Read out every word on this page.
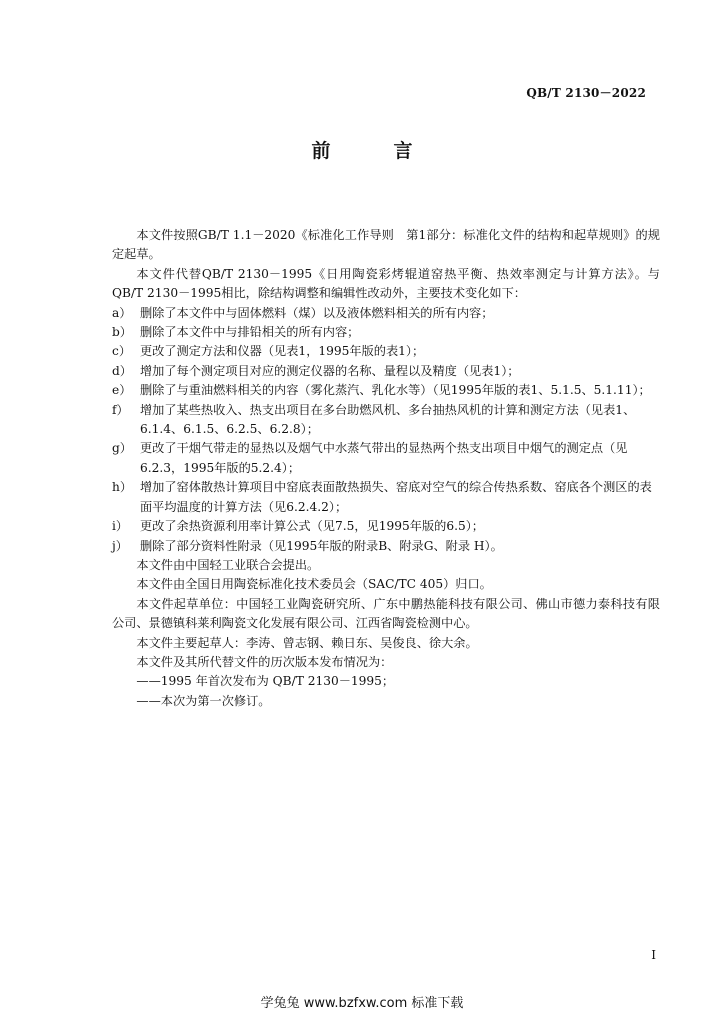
QB/T 2130－2022
前　言

本文件按照GB/T 1.1－2020《标准化工作导则　第1部分：标准化文件的结构和起草规则》的规定起草。

本文件代替QB/T 2130－1995《日用陶瓷彩烤辊道窑热平衡、热效率测定与计算方法》。与QB/T 2130－1995相比，除结构调整和编辑性改动外，主要技术变化如下：

a） 删除了本文件中与固体燃料（煤）以及液体燃料相关的所有内容；

b） 删除了本文件中与排铅相关的所有内容；

c） 更改了测定方法和仪器（见表1，1995年版的表1）；

d） 增加了每个测定项目对应的测定仪器的名称、量程以及精度（见表1）；

e） 删除了与重油燃料相关的内容（雾化蒸汽、乳化水等）（见1995年版的表1、5.1.5、5.1.11）；

f） 增加了某些热收入、热支出项目在多台助燃风机、多台抽热风机的计算和测定方法（见表1、6.1.4、6.1.5、6.2.5、6.2.8）；

g） 更改了干烟气带走的显热以及烟气中水蒸气带出的显热两个热支出项目中烟气的测定点（见6.2.3，1995年版的5.2.4）；

h） 增加了窑体散热计算项目中窑底表面散热损失、窑底对空气的综合传热系数、窑底各个测区的表面平均温度的计算方法（见6.2.4.2）；

i） 更改了余热资源利用率计算公式（见7.5，见1995年版的6.5）；

j） 删除了部分资料性附录（见1995年版的附录B、附录G、附录 H）。

本文件由中国轻工业联合会提出。

本文件由全国日用陶瓷标准化技术委员会（SAC/TC 405）归口。

本文件起草单位：中国轻工业陶瓷研究所、广东中鹏热能科技有限公司、佛山市德力泰科技有限公司、景德镇科莱利陶瓷文化发展有限公司、江西省陶瓷检测中心。

本文件主要起草人：李涛、曾志钢、赖日东、吴俊良、徐大余。

本文件及其所代替文件的历次版本发布情况为：

——1995 年首次发布为 QB/T 2130－1995；

——本次为第一次修订。

I
学兔兔 www.bzfxw.com 标准下载
